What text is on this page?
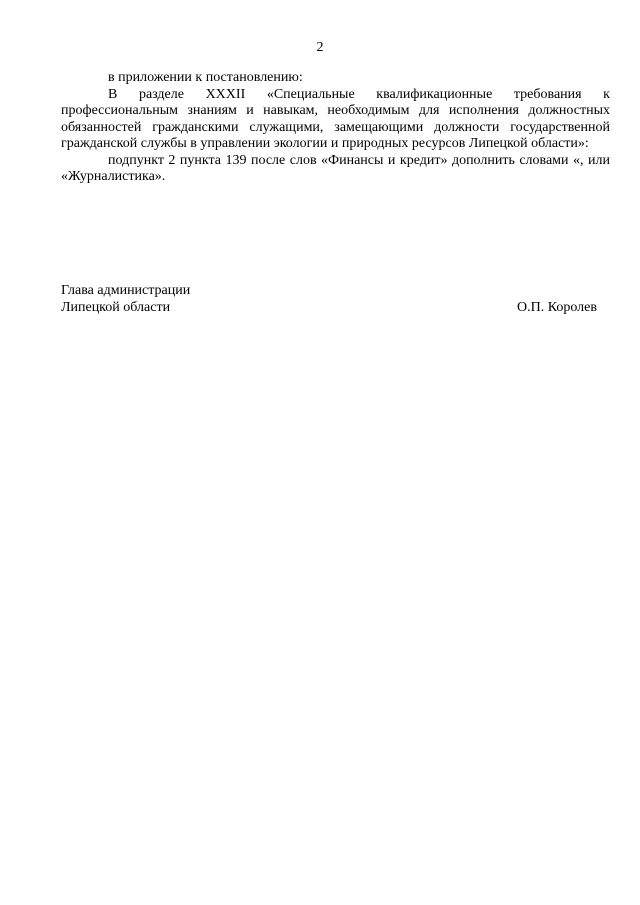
2

в приложении к постановлению:

В разделе XXXII «Специальные квалификационные требования к профессиональным знаниям и навыкам, необходимым для исполнения должностных обязанностей гражданскими служащими, замещающими должности государственной гражданской службы в управлении экологии и природных ресурсов Липецкой области»:

подпункт 2 пункта 139 после слов «Финансы и кредит» дополнить словами «, или «Журналистика».

Глава администрации
Липецкой области	О.П. Королев
